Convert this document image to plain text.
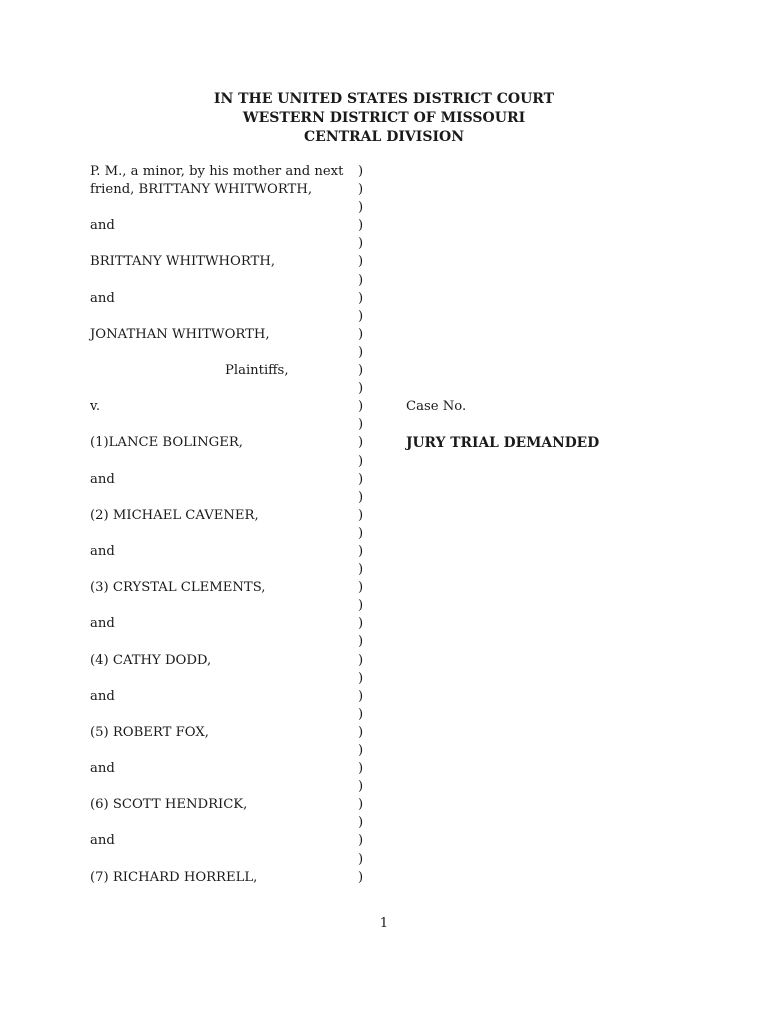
IN THE UNITED STATES DISTRICT COURT
WESTERN DISTRICT OF MISSOURI
CENTRAL DIVISION
P. M., a minor, by his mother and next
friend, BRITTANY WHITWORTH,
and
BRITTANY WHITWHORTH,
and
JONATHAN WHITWORTH,
Plaintiffs,
v.
(1)LANCE BOLINGER,
and
(2) MICHAEL CAVENER,
and
(3) CRYSTAL CLEMENTS,
and
(4) CATHY DODD,
and
(5) ROBERT FOX,
and
(6) SCOTT HENDRICK,
and
(7) RICHARD HORRELL,
)
)
)
)
)
)
)
)
)
)
)
)
)
)
)
)
)
)
)
)
)
)
)
)
)
)
)
)
)
)
)
)
)
)
)
)
)
)
)
)
Case No.
JURY TRIAL DEMANDED
1
